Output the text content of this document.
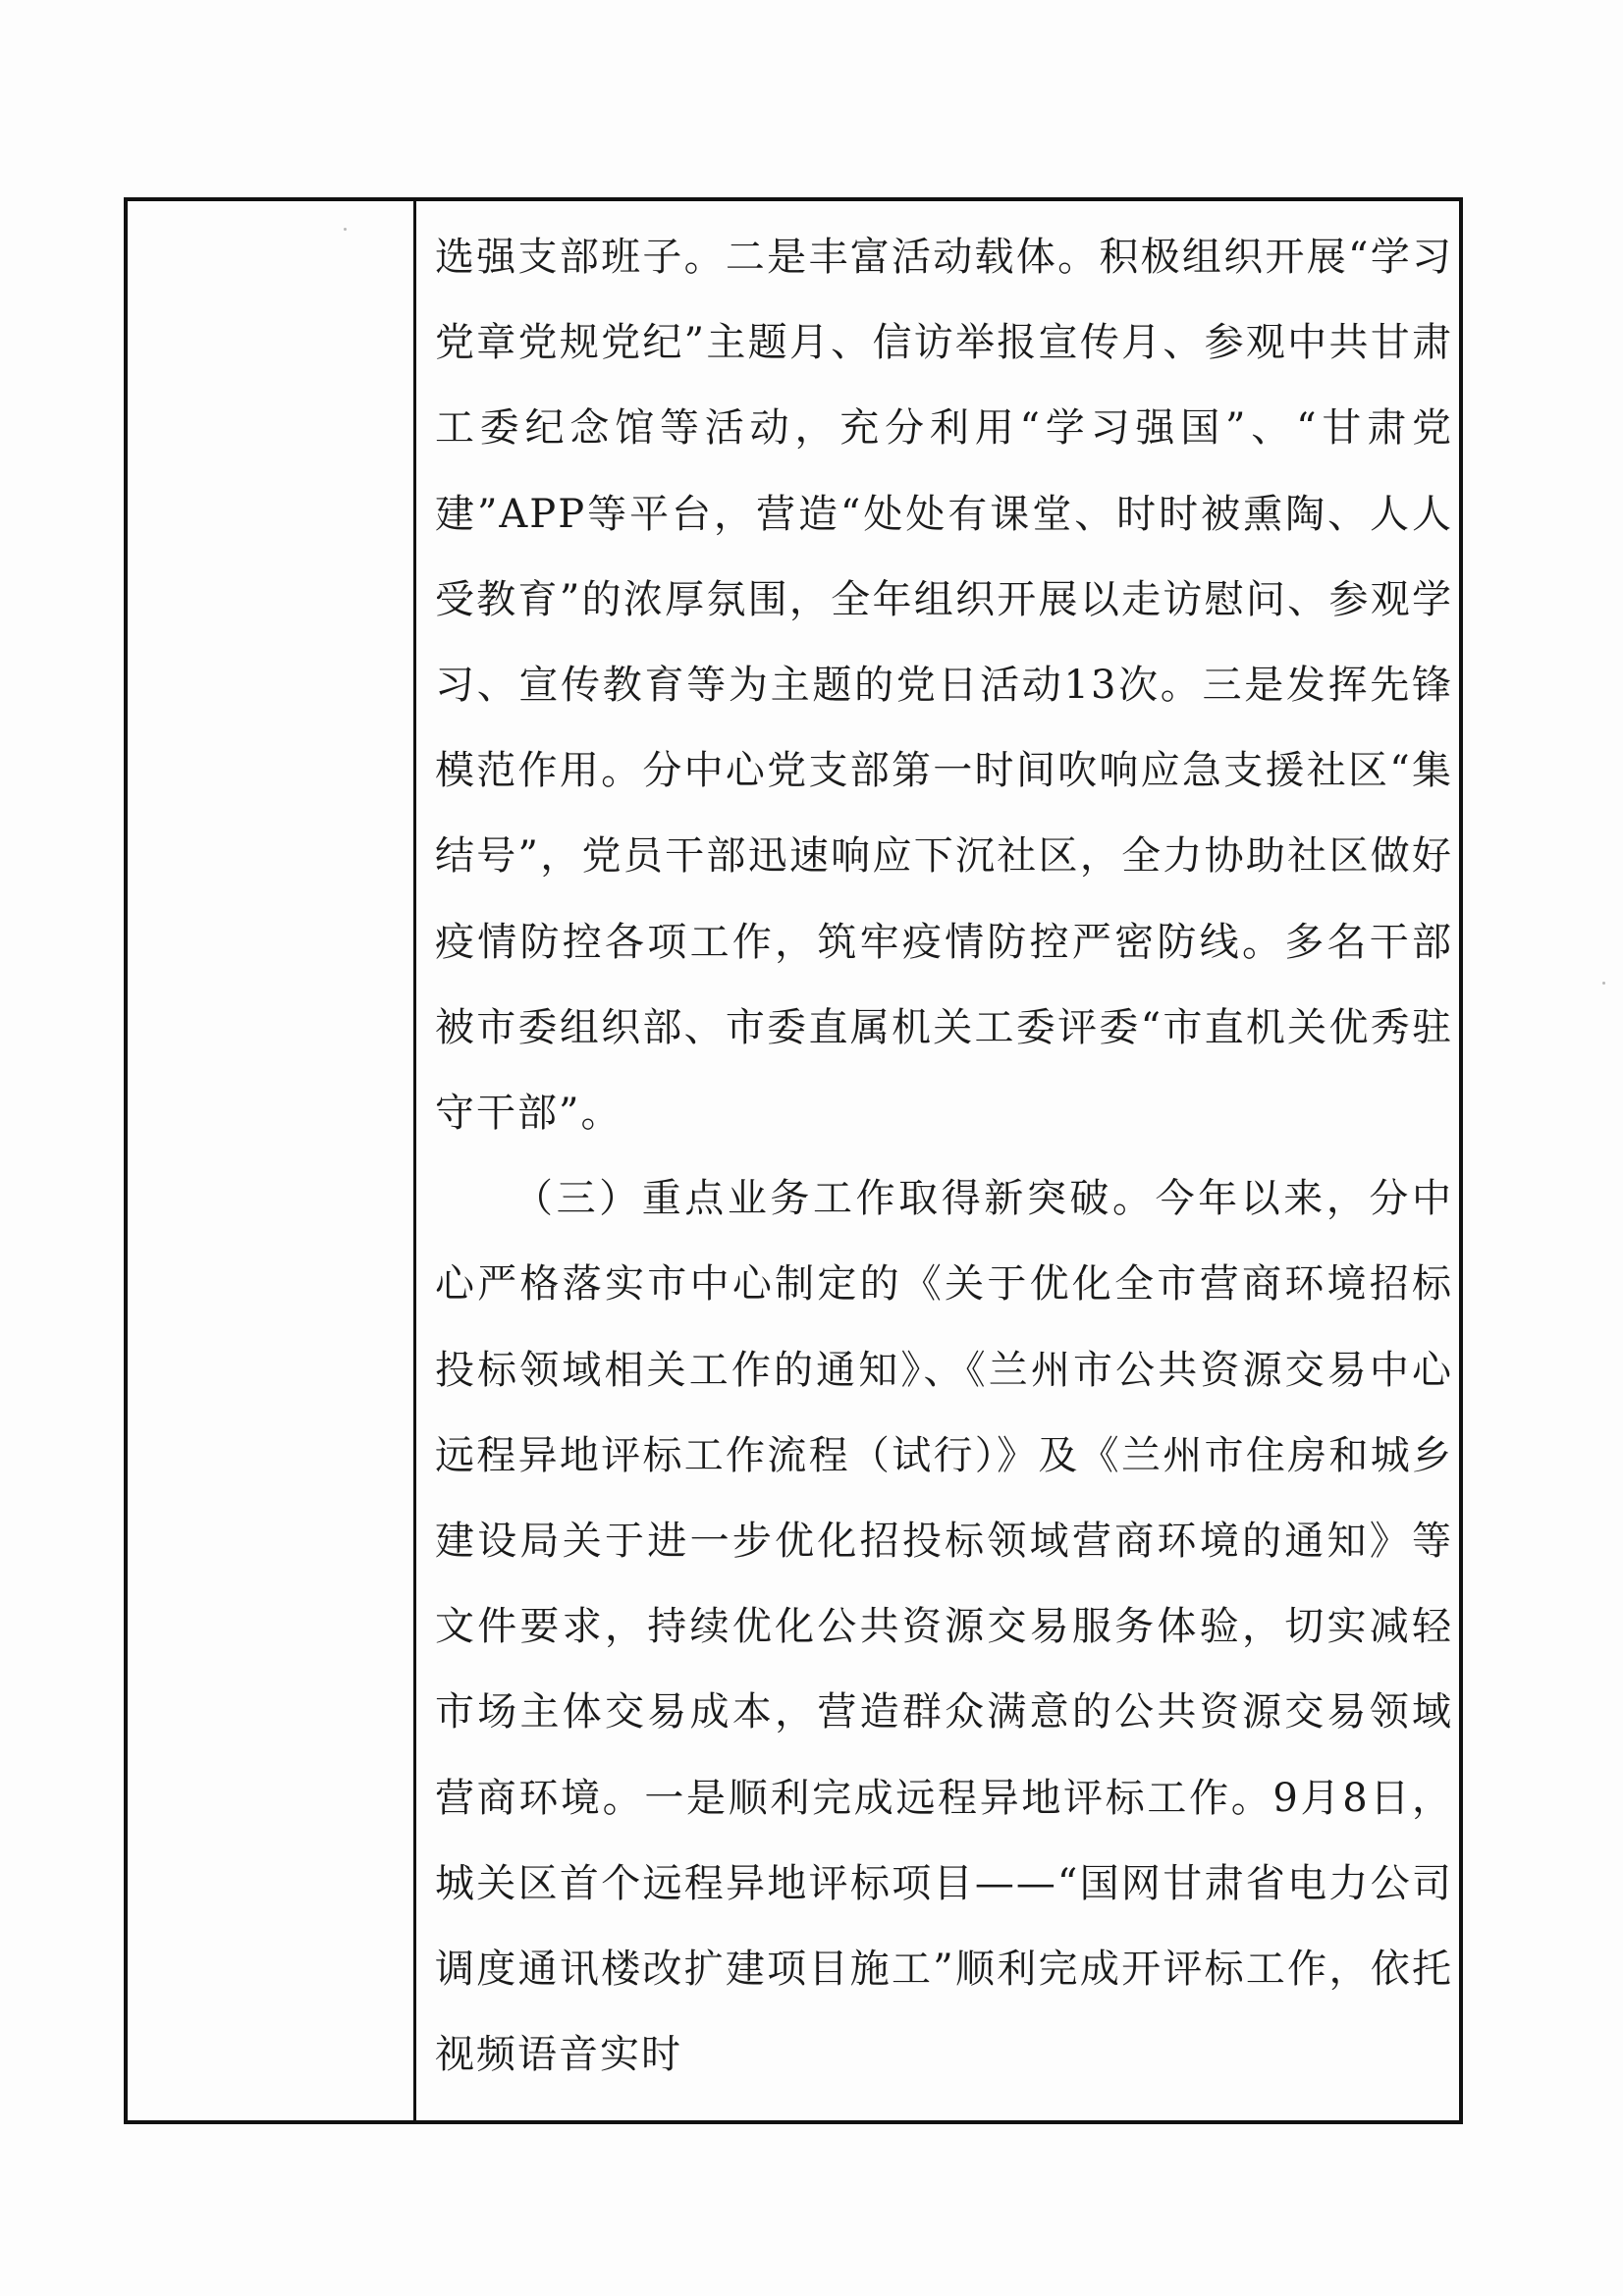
选强支部班子。二是丰富活动载体。积极组织开展“学习党章党规党纪”主题月、信访举报宣传月、参观中共甘肃工委纪念馆等活动，充分利用“学习强国”、“甘肃党建”APP等平台，营造“处处有课堂、时时被熏陶、人人受教育”的浓厚氛围，全年组织开展以走访慰问、参观学习、宣传教育等为主题的党日活动13次。三是发挥先锋模范作用。分中心党支部第一时间吹响应急支援社区“集结号”，党员干部迅速响应下沉社区，全力协助社区做好疫情防控各项工作，筑牢疫情防控严密防线。多名干部被市委组织部、市委直属机关工委评委“市直机关优秀驻守干部”。

（三）重点业务工作取得新突破。今年以来，分中心严格落实市中心制定的《关于优化全市营商环境招标投标领域相关工作的通知》、《兰州市公共资源交易中心远程异地评标工作流程（试行）》及《兰州市住房和城乡建设局关于进一步优化招投标领域营商环境的通知》等文件要求，持续优化公共资源交易服务体验，切实减轻市场主体交易成本，营造群众满意的公共资源交易领域营商环境。一是顺利完成远程异地评标工作。9月8日，城关区首个远程异地评标项目——“国网甘肃省电力公司调度通讯楼改扩建项目施工”顺利完成开评标工作，依托视频语音实时
